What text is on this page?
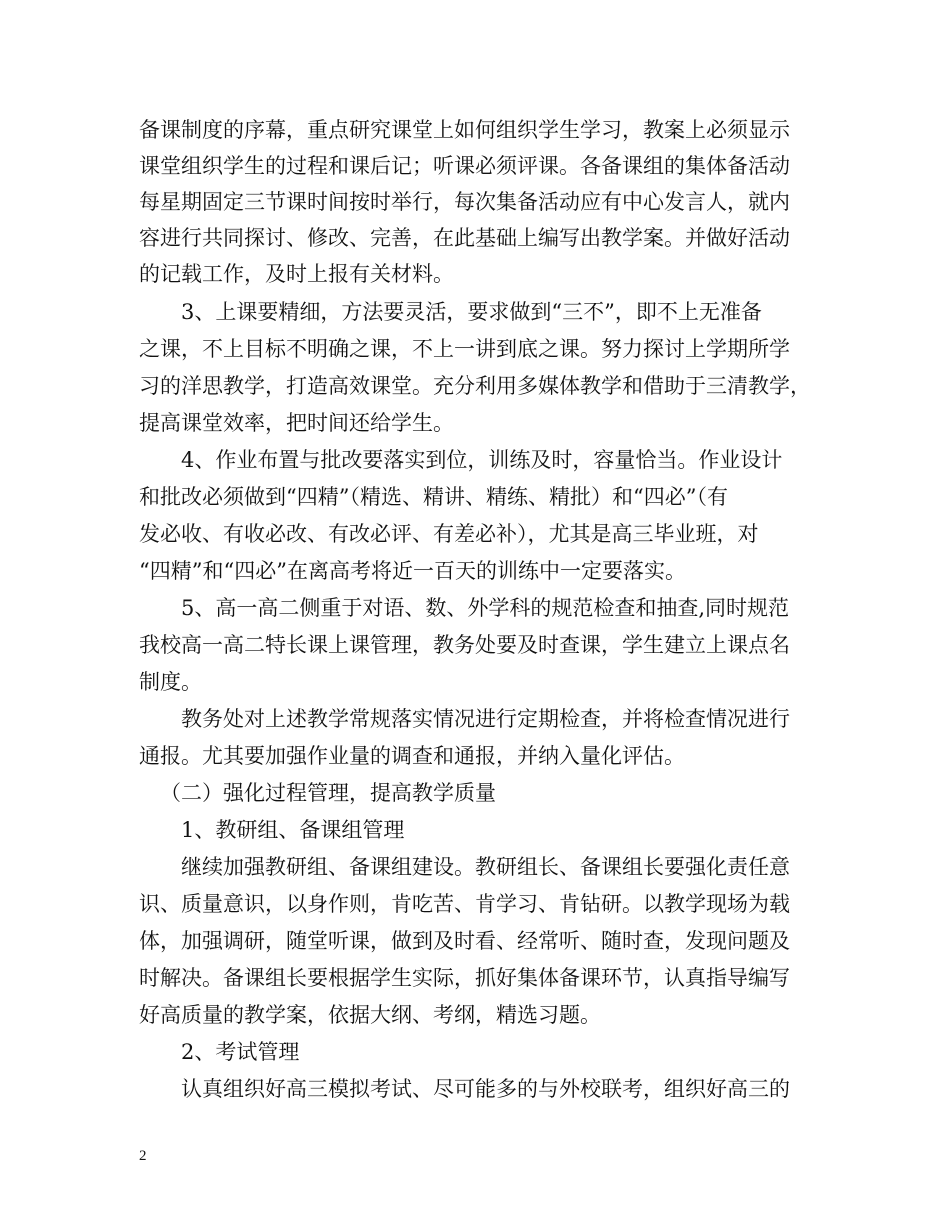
备课制度的序幕，重点研究课堂上如何组织学生学习，教案上必须显示
课堂组织学生的过程和课后记；听课必须评课。各备课组的集体备活动
每星期固定三节课时间按时举行，每次集备活动应有中心发言人，就内
容进行共同探讨、修改、完善，在此基础上编写出教学案。并做好活动
的记载工作，及时上报有关材料。
3、上课要精细，方法要灵活，要求做到“三不”，即不上无准备
之课，不上目标不明确之课，不上一讲到底之课。努力探讨上学期所学
习的洋思教学，打造高效课堂。充分利用多媒体教学和借助于三清教学，
提高课堂效率，把时间还给学生。
4、作业布置与批改要落实到位，训练及时，容量恰当。作业设计
和批改必须做到“四精”（精选、精讲、精练、精批）和“四必”（有
发必收、有收必改、有改必评、有差必补），尤其是高三毕业班，对
“四精”和“四必”在离高考将近一百天的训练中一定要落实。
5、高一高二侧重于对语、数、外学科的规范检查和抽查,同时规范
我校高一高二特长课上课管理，教务处要及时查课，学生建立上课点名
制度。
教务处对上述教学常规落实情况进行定期检查，并将检查情况进行
通报。尤其要加强作业量的调查和通报，并纳入量化评估。
（二）强化过程管理，提高教学质量
1、教研组、备课组管理
继续加强教研组、备课组建设。教研组长、备课组长要强化责任意
识、质量意识，以身作则，肯吃苦、肯学习、肯钻研。以教学现场为载
体，加强调研，随堂听课，做到及时看、经常听、随时查，发现问题及
时解决。备课组长要根据学生实际，抓好集体备课环节，认真指导编写
好高质量的教学案，依据大纲、考纲，精选习题。
2、考试管理
认真组织好高三模拟考试、尽可能多的与外校联考，组织好高三的
2
